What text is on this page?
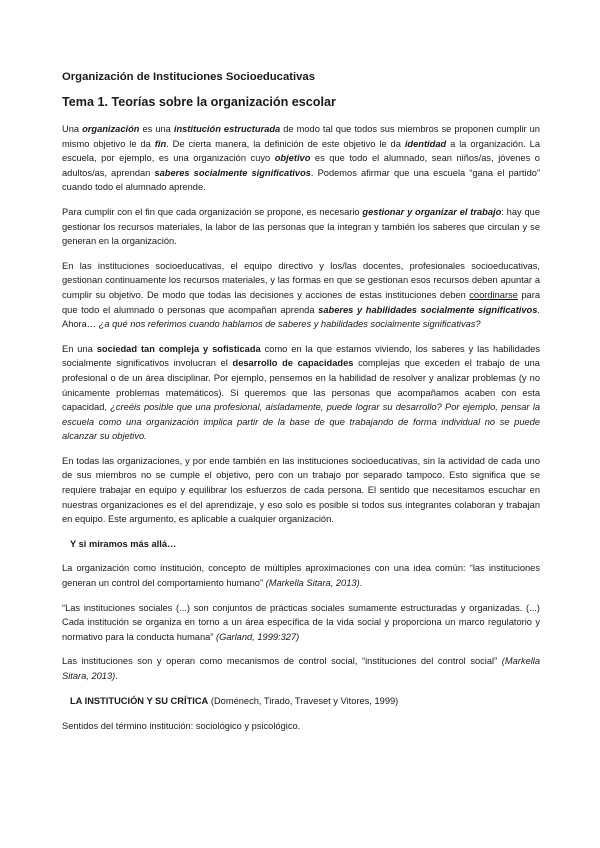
Organización de Instituciones Socioeducativas
Tema 1. Teorías sobre la organización escolar

Una organización es una institución estructurada de modo tal que todos sus miembros se proponen cumplir un mismo objetivo le da fin. De cierta manera, la definición de este objetivo le da identidad a la organización. La escuela, por ejemplo, es una organización cuyo objetivo es que todo el alumnado, sean niños/as, jóvenes o adultos/as, aprendan saberes socialmente significativos. Podemos afirmar que una escuela “gana el partido” cuando todo el alumnado aprende.

Para cumplir con el fin que cada organización se propone, es necesario gestionar y organizar el trabajo: hay que gestionar los recursos materiales, la labor de las personas que la integran y también los saberes que circulan y se generan en la organización.

En las instituciones socioeducativas, el equipo directivo y los/las docentes, profesionales socioeducativas, gestionan continuamente los recursos materiales, y las formas en que se gestionan esos recursos deben apuntar a cumplir su objetivo. De modo que todas las decisiones y acciones de estas instituciones deben coordinarse para que todo el alumnado o personas que acompañan aprenda saberes y habilidades socialmente significativos. Ahora… ¿a qué nos referimos cuando hablamos de saberes y habilidades socialmente significativas?

En una sociedad tan compleja y sofisticada como en la que estamos viviendo, los saberes y las habilidades socialmente significativos involucran el desarrollo de capacidades complejas que exceden el trabajo de una profesional o de un área disciplinar. Por ejemplo, pensemos en la habilidad de resolver y analizar problemas (y no únicamente problemas matemáticos). Si queremos que las personas que acompañamos acaben con esta capacidad, ¿creéis posible que una profesional, aisladamente, puede lograr su desarrollo? Por ejemplo, pensar la escuela como una organización implica partir de la base de que trabajando de forma individual no se puede alcanzar su objetivo.

En todas las organizaciones, y por ende también en las instituciones socioeducativas, sin la actividad de cada uno de sus miembros no se cumple el objetivo, pero con un trabajo por separado tampoco. Esto significa que se requiere trabajar en equipo y equilibrar los esfuerzos de cada persona. El sentido que necesitamos escuchar en nuestras organizaciones es el del aprendizaje, y eso solo es posible si todos sus integrantes colaboran y trabajan en equipo. Este argumento, es aplicable a cualquier organización.

Y si miramos más allá…

La organización como institución, concepto de múltiples aproximaciones con una idea común: “las instituciones generan un control del comportamiento humano” (Markella Sitara, 2013).

“Las instituciones sociales (...) son conjuntos de prácticas sociales sumamente estructuradas y organizadas. (...) Cada institución se organiza en torno a un área específica de la vida social y proporciona un marco regulatorio y normativo para la conducta humana” (Garland, 1999:327)

Las instituciones son y operan como mecanismos de control social, “instituciones del control social” (Markella Sitara, 2013).

LA INSTITUCIÓN Y SU CRÍTICA (Doménech, Tirado, Traveset y Vitores, 1999)

Sentidos del término institución: sociológico y psicológico.
